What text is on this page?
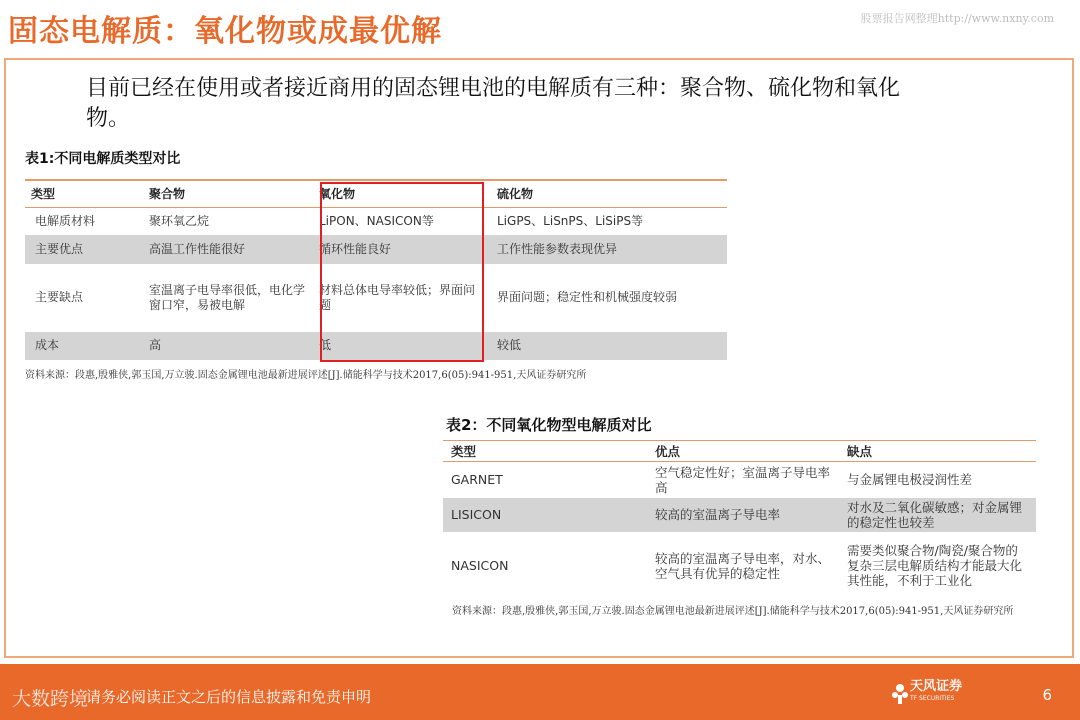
固态电解质：氧化物或成最优解	股票报告网整理http://www.nxny.com
目前已经在使用或者接近商用的固态锂电池的电解质有三种：聚合物、硫化物和氧化物。
表1:不同电解质类型对比
类型	聚合物	氧化物	硫化物
电解质材料	聚环氧乙烷	LiPON、NASICON等	LiGPS、LiSnPS、LiSiPS等
主要优点	高温工作性能很好	循环性能良好	工作性能参数表现优异
主要缺点	室温离子电导率很低，电化学窗口窄，易被电解	材料总体电导率较低；界面问题	界面问题；稳定性和机械强度较弱
成本	高	低	较低
资料来源：段惠,殷雅侠,郭玉国,万立骏.固态金属锂电池最新进展评述[J].储能科学与技术2017,6(05):941-951,天风证券研究所
表2：不同氧化物型电解质对比
类型	优点	缺点
GARNET	空气稳定性好；室温离子导电率高	与金属锂电极浸润性差
LISICON	较高的室温离子导电率	对水及二氧化碳敏感；对金属锂的稳定性也较差
NASICON	较高的室温离子导电率，对水、空气具有优异的稳定性	需要类似聚合物/陶瓷/聚合物的复杂三层电解质结构才能最大化其性能，不利于工业化
资料来源：段惠,殷雅侠,郭玉国,万立骏.固态金属锂电池最新进展评述[J].储能科学与技术2017,6(05):941-951,天风证券研究所
大数跨境
请务必阅读正文之后的信息披露和免责申明
天风证券
TF SECURITIES	6
